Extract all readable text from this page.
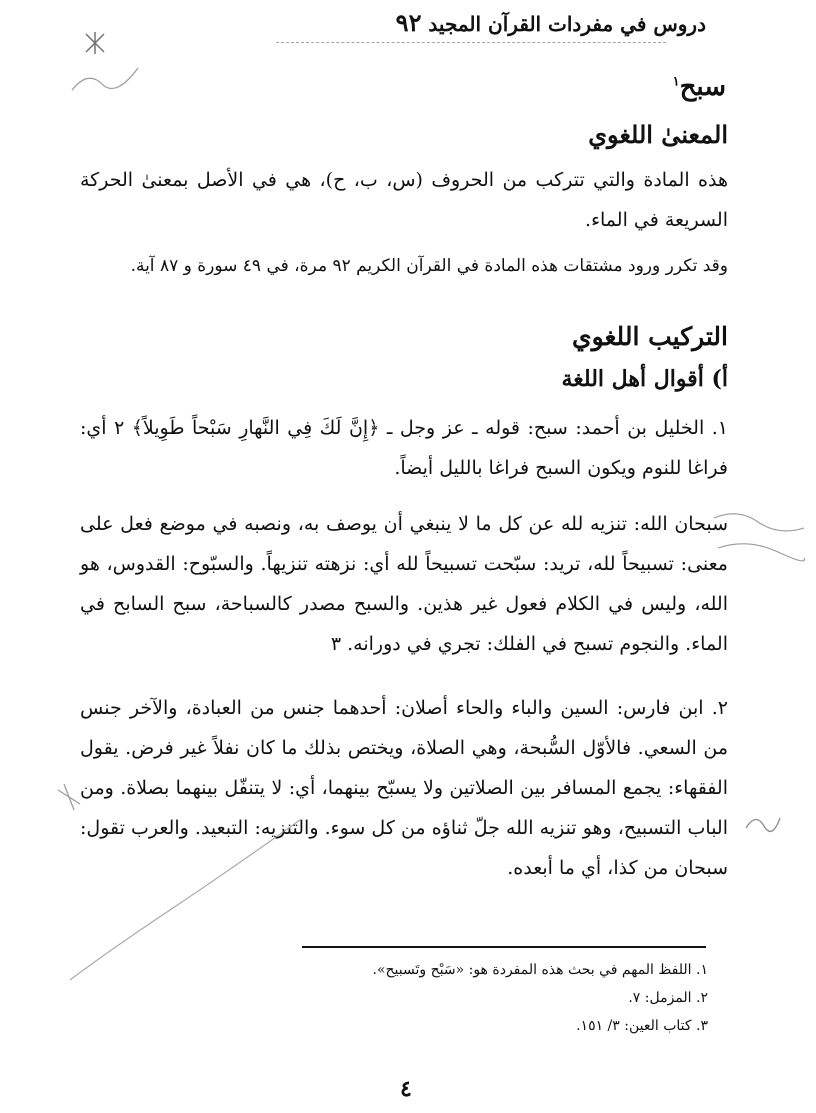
دروس في مفردات القرآن المجيد ٩٢
سبح$^١$
المعنىٰ اللغوي
هذه المادة والتي تتركب من الحروف (س، ب، ح)، هي في الأصل بمعنىٰ الحركة السريعة في الماء.
وقد تكرر ورود مشتقات هذه المادة في القرآن الكريم ٩٢ مرة، في ٤٩ سورة و ٨٧ آية.
التركيب اللغوي
أ) أقوال أهل اللغة
١. الخليل بن أحمد: سبح: قوله ـ عز وجل ـ ﴿إِنَّ لَكَ فِي النَّهارِ سَبْحاً طَوِيلاً﴾ ٢ أي: فراغا للنوم ويكون السبح فراغا بالليل أيضاً.
سبحان الله: تنزيه لله عن كل ما لا ينبغي أن يوصف به، ونصبه في موضع فعل على معنى: تسبيحاً لله، تريد: سبّحت تسبيحاً لله أي: نزهته تنزيهاً. والسبّوح: القدوس، هو الله، وليس في الكلام فعول غير هذين. والسبح مصدر كالسباحة، سبح السابح في الماء. والنجوم تسبح في الفلك: تجري في دورانه. ٣
٢. ابن فارس: السين والباء والحاء أصلان: أحدهما جنس من العبادة، والآخر جنس من السعي. فالأوّل السُّبحة، وهي الصلاة، ويختص بذلك ما كان نفلاً غير فرض. يقول الفقهاء: يجمع المسافر بين الصلاتين ولا يسبّح بينهما، أي: لا يتنفّل بينهما بصلاة. ومن الباب التسبيح، وهو تنزيه الله جلّ ثناؤه من كل سوء. والتنزيه: التبعيد. والعرب تقول: سبحان من كذا، أي ما أبعده.
١. اللفظ المهم في بحث هذه المفردة هو: «سَبْح وتَسبيح».
٢. المزمل: ٧.
٣. كتاب العين: ٣/ ١٥١.
٤
